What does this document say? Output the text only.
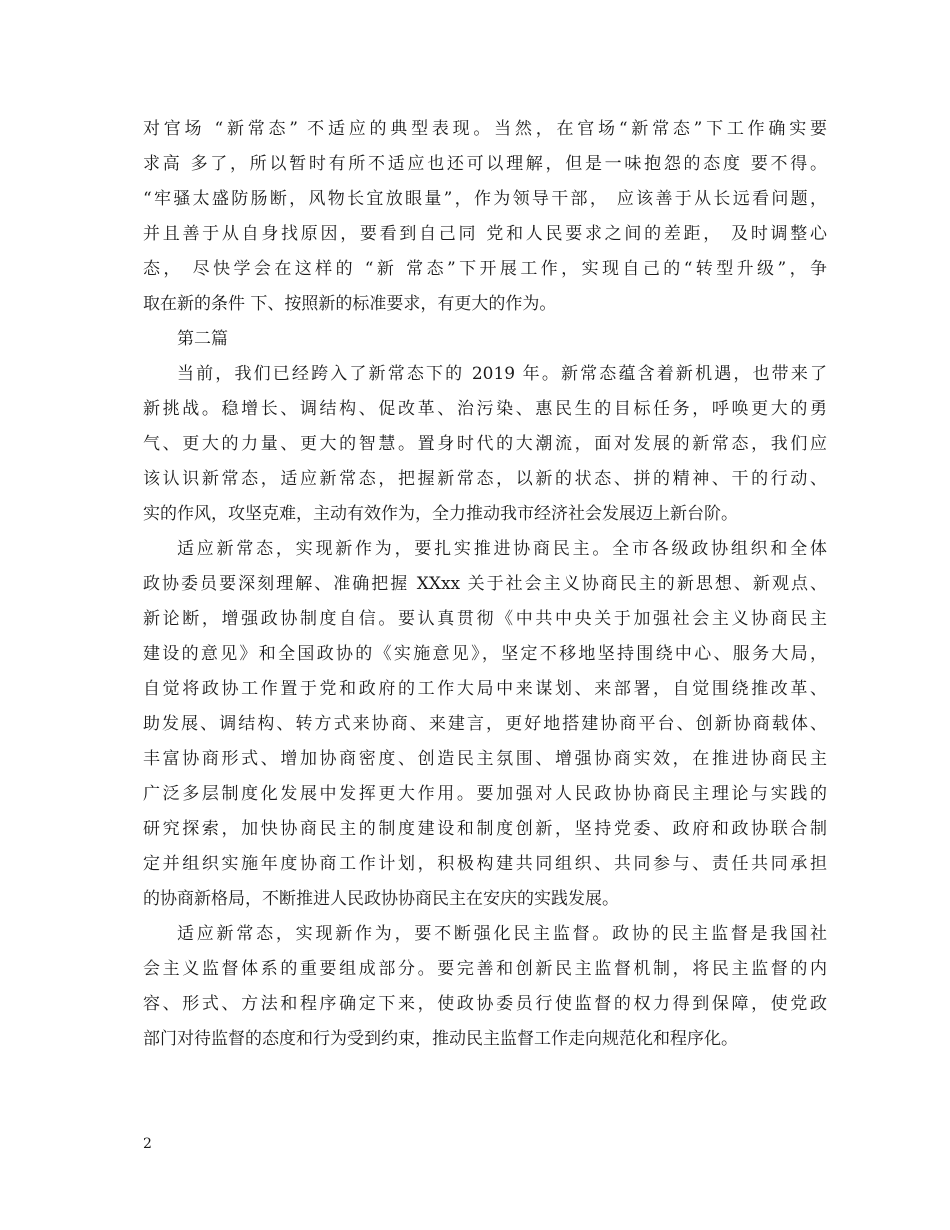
对官场 “新常态” 不适应的典型表现。当然，在官场“新常态”下工作确实要
求高 多了，所以暂时有所不适应也还可以理解，但是一味抱怨的态度 要不得。
“牢骚太盛防肠断，风物长宜放眼量”，作为领导干部， 应该善于从长远看问题，
并且善于从自身找原因，要看到自己同 党和人民要求之间的差距， 及时调整心
态， 尽快学会在这样的 “新 常态”下开展工作，实现自己的“转型升级”，争
取在新的条件 下、按照新的标准要求，有更大的作为。
第二篇
当前，我们已经跨入了新常态下的 2019 年。新常态蕴含着新机遇，也带来了
新挑战。稳增长、调结构、促改革、治污染、惠民生的目标任务，呼唤更大的勇
气、更大的力量、更大的智慧。置身时代的大潮流，面对发展的新常态，我们应
该认识新常态，适应新常态，把握新常态，以新的状态、拼的精神、干的行动、
实的作风，攻坚克难，主动有效作为，全力推动我市经济社会发展迈上新台阶。
适应新常态，实现新作为，要扎实推进协商民主。全市各级政协组织和全体
政协委员要深刻理解、准确把握 XXxx 关于社会主义协商民主的新思想、新观点、
新论断，增强政协制度自信。要认真贯彻《中共中央关于加强社会主义协商民主
建设的意见》和全国政协的《实施意见》，坚定不移地坚持围绕中心、服务大局，
自觉将政协工作置于党和政府的工作大局中来谋划、来部署，自觉围绕推改革、
助发展、调结构、转方式来协商、来建言，更好地搭建协商平台、创新协商载体、
丰富协商形式、增加协商密度、创造民主氛围、增强协商实效，在推进协商民主
广泛多层制度化发展中发挥更大作用。要加强对人民政协协商民主理论与实践的
研究探索，加快协商民主的制度建设和制度创新，坚持党委、政府和政协联合制
定并组织实施年度协商工作计划，积极构建共同组织、共同参与、责任共同承担
的协商新格局，不断推进人民政协协商民主在安庆的实践发展。
适应新常态，实现新作为，要不断强化民主监督。政协的民主监督是我国社
会主义监督体系的重要组成部分。要完善和创新民主监督机制，将民主监督的内
容、形式、方法和程序确定下来，使政协委员行使监督的权力得到保障，使党政
部门对待监督的态度和行为受到约束，推动民主监督工作走向规范化和程序化。
2
